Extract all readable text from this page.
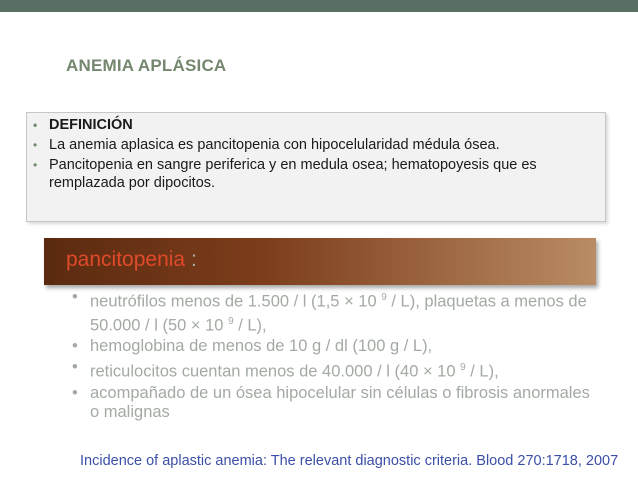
ANEMIA APLÁSICA
• DEFINICIÓN
• La anemia aplasica es pancitopenia con hipocelularidad médula ósea.
• Pancitopenia en sangre periferica y en medula osea; hematopoyesis que es remplazada por dipocitos.
pancitopenia :
• neutrófilos menos de 1.500 / l (1,5 × 10 $^9$ / L), plaquetas a menos de 50.000 / l (50 × 10 $^9$ / L),
• hemoglobina de menos de 10 g / dl (100 g / L),
• reticulocitos cuentan menos de 40.000 / l (40 × 10 $^9$ / L),
• acompañado de un ósea hipocelular sin células o fibrosis anormales o malignas
Incidence of aplastic anemia: The relevant diagnostic criteria. Blood 270:1718, 2007
